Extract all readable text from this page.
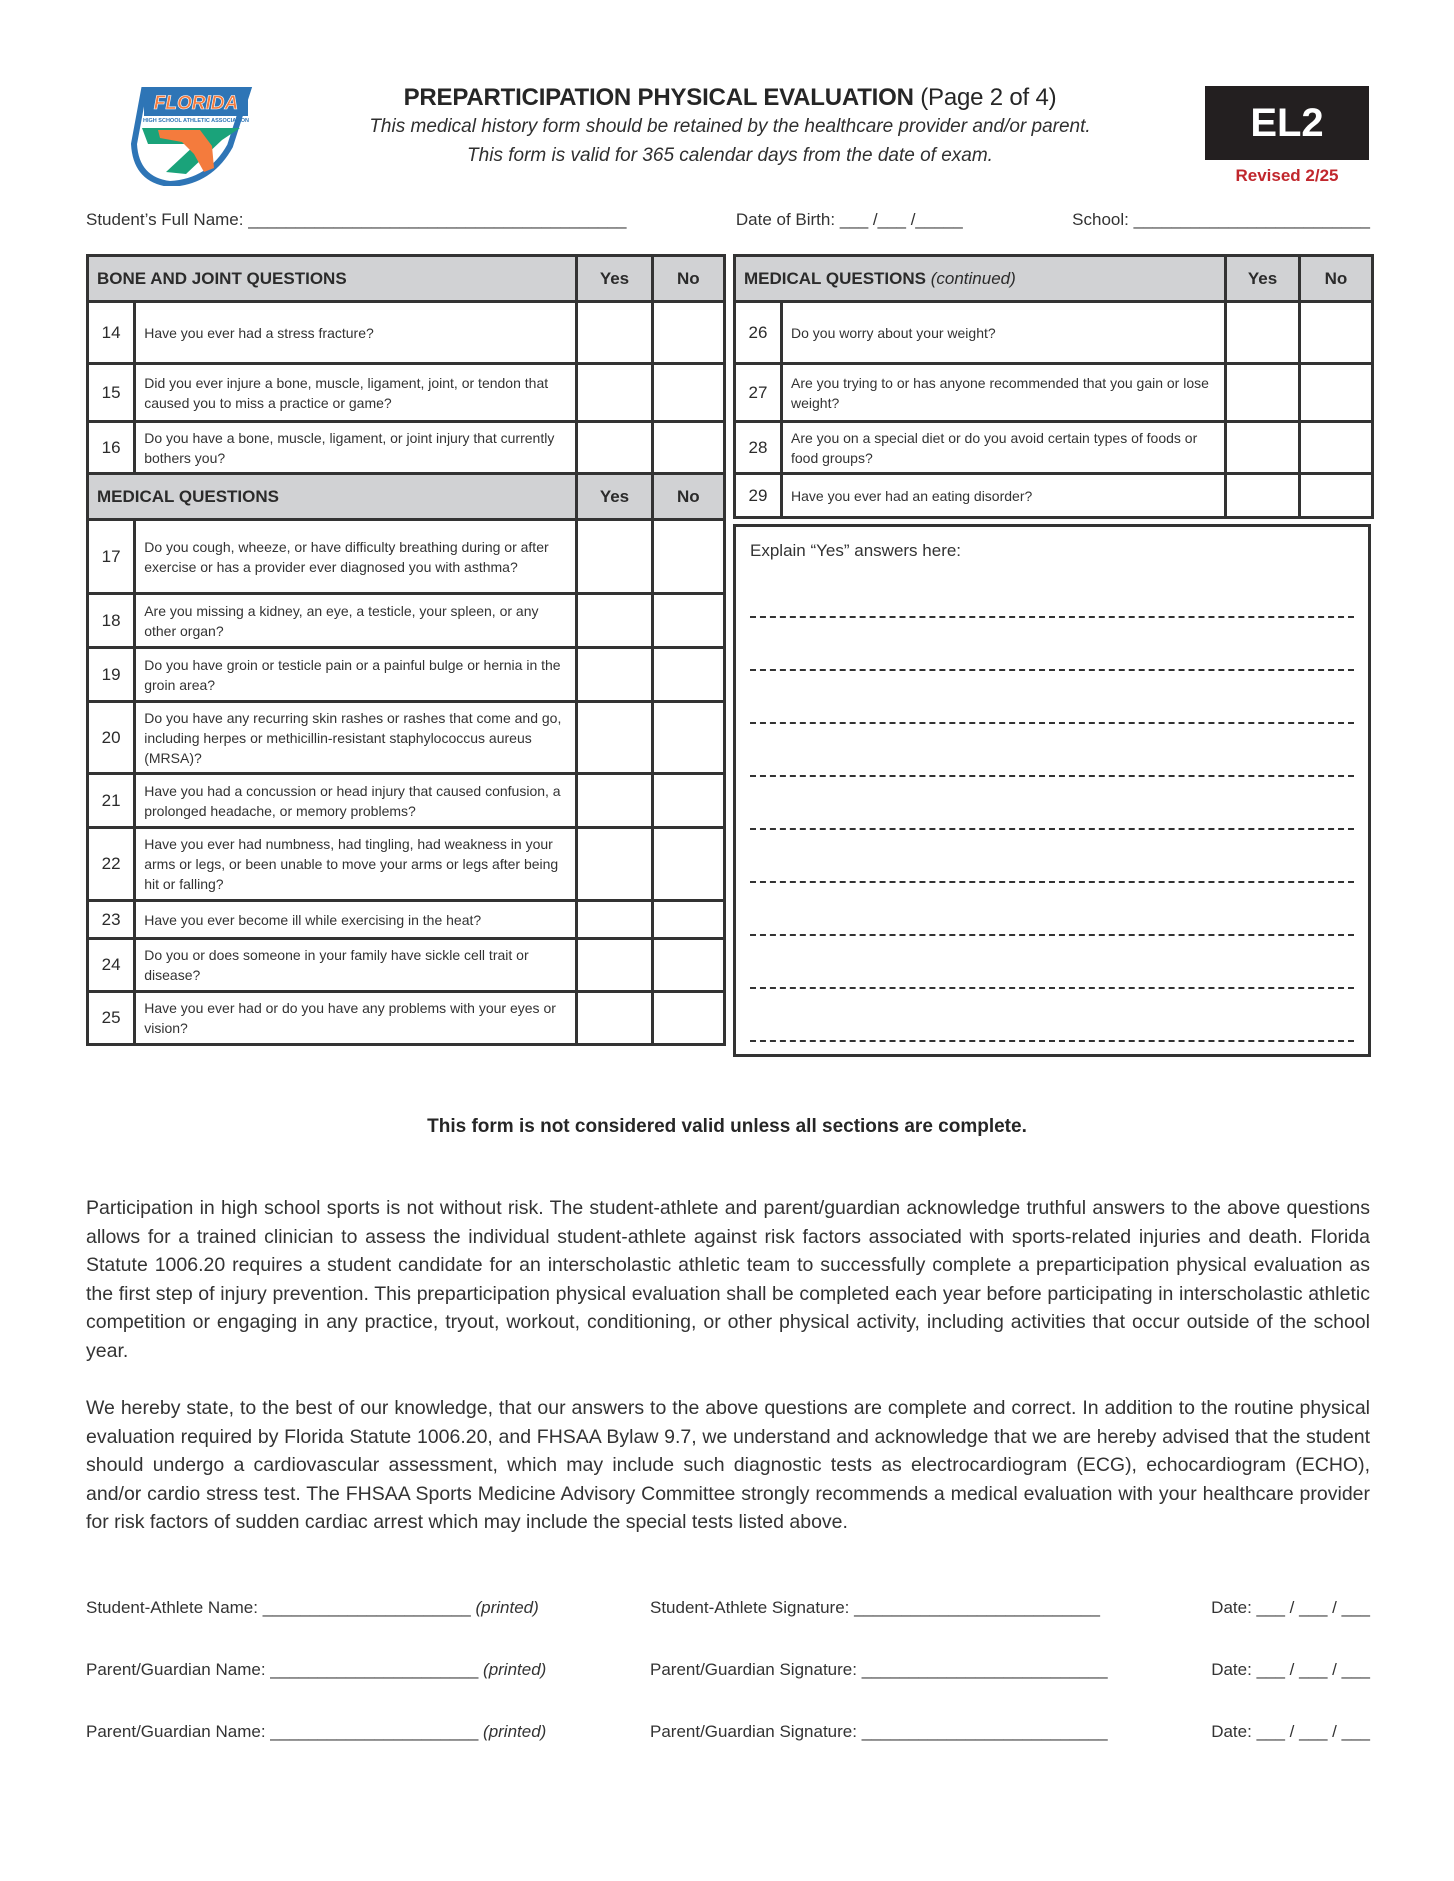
FLORIDA
HIGH SCHOOL ATHLETIC ASSOCIATION
PREPARTICIPATION PHYSICAL EVALUATION (Page 2 of 4)
This medical history form should be retained by the healthcare provider and/or parent.
This form is valid for 365 calendar days from the date of exam.
EL2
Revised 2/25
Student’s Full Name: ________________________________________	Date of Birth: ___ /___ /_____	School: _________________________
BONE AND JOINT QUESTIONS		Yes	No
14	Have you ever had a stress fracture?		
15	Did you ever injure a bone, muscle, ligament, joint, or tendon that caused you to miss a practice or game?		
16	Do you have a bone, muscle, ligament, or joint injury that currently bothers you?		
MEDICAL QUESTIONS		Yes	No
17	Do you cough, wheeze, or have difficulty breathing during or after exercise or has a provider ever diagnosed you with asthma?		
18	Are you missing a kidney, an eye, a testicle, your spleen, or any other organ?		
19	Do you have groin or testicle pain or a painful bulge or hernia in the groin area?		
20	Do you have any recurring skin rashes or rashes that come and go, including herpes or methicillin-resistant staphylococcus aureus (MRSA)?		
21	Have you had a concussion or head injury that caused confusion, a prolonged headache, or memory problems?		
22	Have you ever had numbness, had tingling, had weakness in your arms or legs, or been unable to move your arms or legs after being hit or falling?		
23	Have you ever become ill while exercising in the heat?		
24	Do you or does someone in your family have sickle cell trait or disease?		
25	Have you ever had or do you have any problems with your eyes or vision?		
MEDICAL QUESTIONS (continued)		Yes	No
26	Do you worry about your weight?		
27	Are you trying to or has anyone recommended that you gain or lose weight?		
28	Are you on a special diet or do you avoid certain types of foods or food groups?		
29	Have you ever had an eating disorder?		
Explain “Yes” answers here:
This form is not considered valid unless all sections are complete.
Participation in high school sports is not without risk. The student-athlete and parent/guardian acknowledge truthful answers to the above questions allows for a trained clinician to assess the individual student-athlete against risk factors associated with sports-related injuries and death. Florida Statute 1006.20 requires a student candidate for an interscholastic athletic team to successfully complete a preparticipation physical evaluation as the first step of injury prevention. This preparticipation physical evaluation shall be completed each year before participating in interscholastic athletic competition or engaging in any practice, tryout, workout, conditioning, or other physical activity, including activities that occur outside of the school year.
We hereby state, to the best of our knowledge, that our answers to the above questions are complete and correct. In addition to the routine physical evaluation required by Florida Statute 1006.20, and FHSAA Bylaw 9.7, we understand and acknowledge that we are hereby advised that the student should undergo a cardiovascular assessment, which may include such diagnostic tests as electrocardiogram (ECG), echocardiogram (ECHO), and/or cardio stress test. The FHSAA Sports Medicine Advisory Committee strongly recommends a medical evaluation with your healthcare provider for risk factors of sudden cardiac arrest which may include the special tests listed above.
Student-Athlete Name: ______________________ (printed)	Student-Athlete Signature: __________________________	Date: ___ / ___ / ___
Parent/Guardian Name: ______________________ (printed)	Parent/Guardian Signature: __________________________	Date: ___ / ___ / ___
Parent/Guardian Name: ______________________ (printed)	Parent/Guardian Signature: __________________________	Date: ___ / ___ / ___
